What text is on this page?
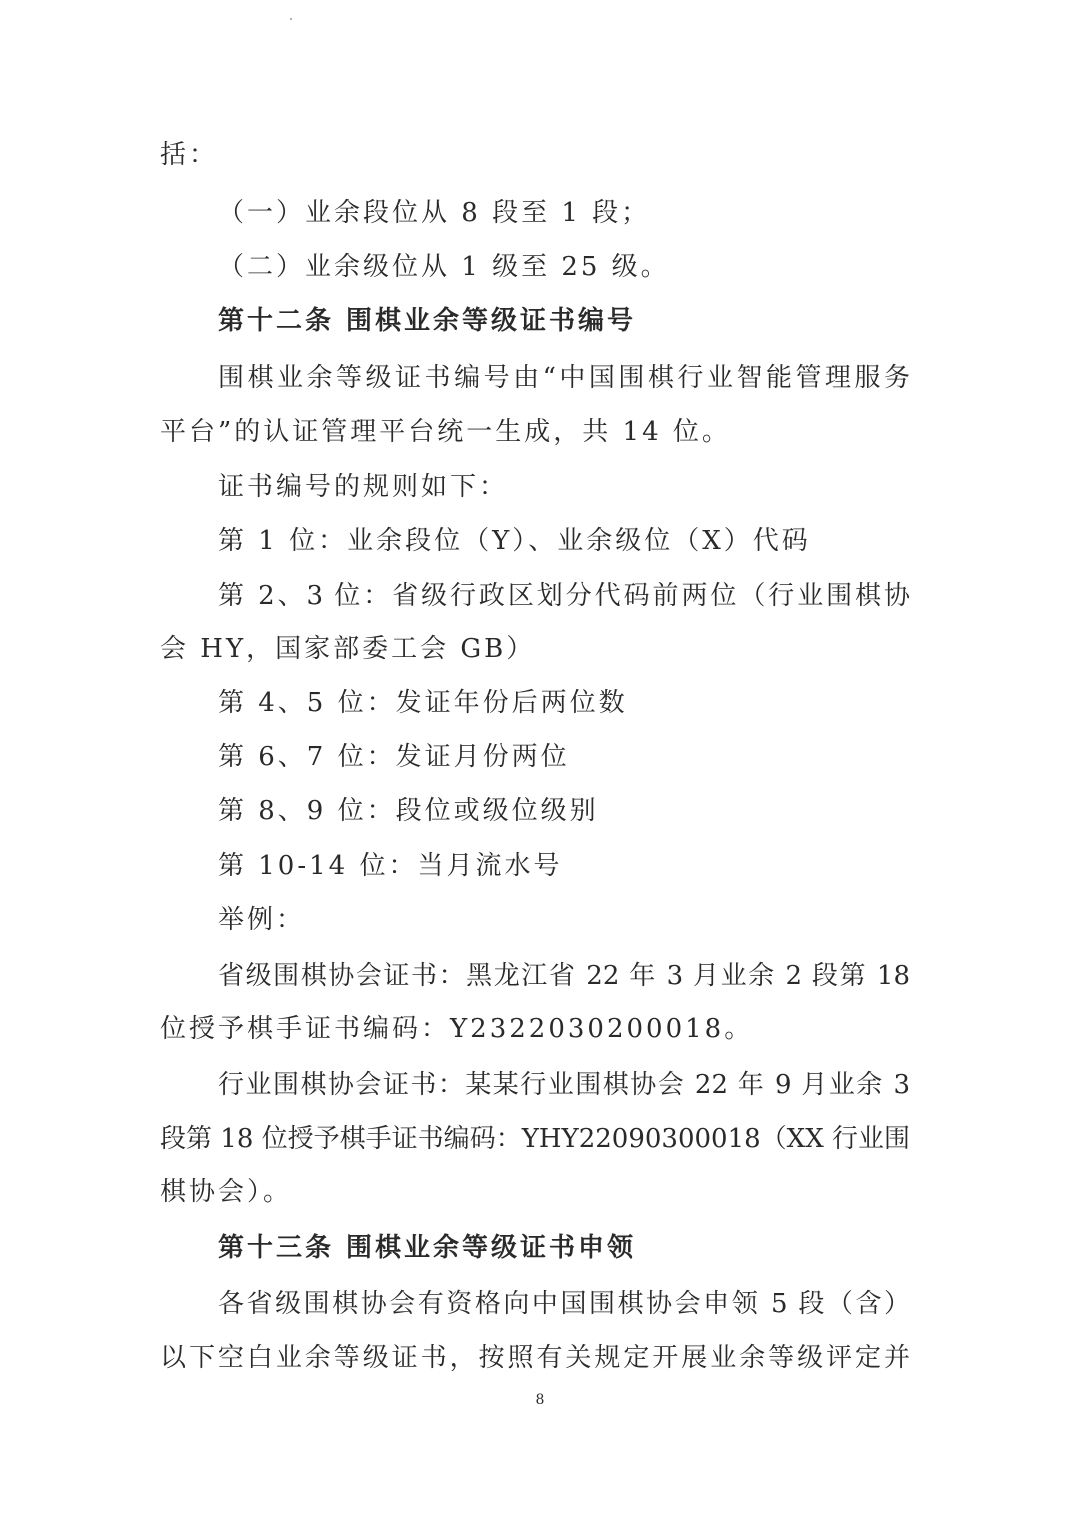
括：
（一）业余段位从 8 段至 1 段；
（二）业余级位从 1 级至 25 级。
第十二条 围棋业余等级证书编号
围棋业余等级证书编号由“中国围棋行业智能管理服务
平台”的认证管理平台统一生成，共 14 位。
证书编号的规则如下：
第 1 位：业余段位（Y）、业余级位（X）代码
第 2、3 位：省级行政区划分代码前两位（行业围棋协
会 HY，国家部委工会 GB）
第 4、5 位：发证年份后两位数
第 6、7 位：发证月份两位
第 8、9 位：段位或级位级别
第 10-14 位：当月流水号
举例：
省级围棋协会证书：黑龙江省 22 年 3 月业余 2 段第 18
位授予棋手证书编码：Y2322030200018。
行业围棋协会证书：某某行业围棋协会 22 年 9 月业余 3
段第 18 位授予棋手证书编码：YHY22090300018（XX 行业围
棋协会）。
第十三条 围棋业余等级证书申领
各省级围棋协会有资格向中国围棋协会申领 5 段（含）
以下空白业余等级证书，按照有关规定开展业余等级评定并
8
